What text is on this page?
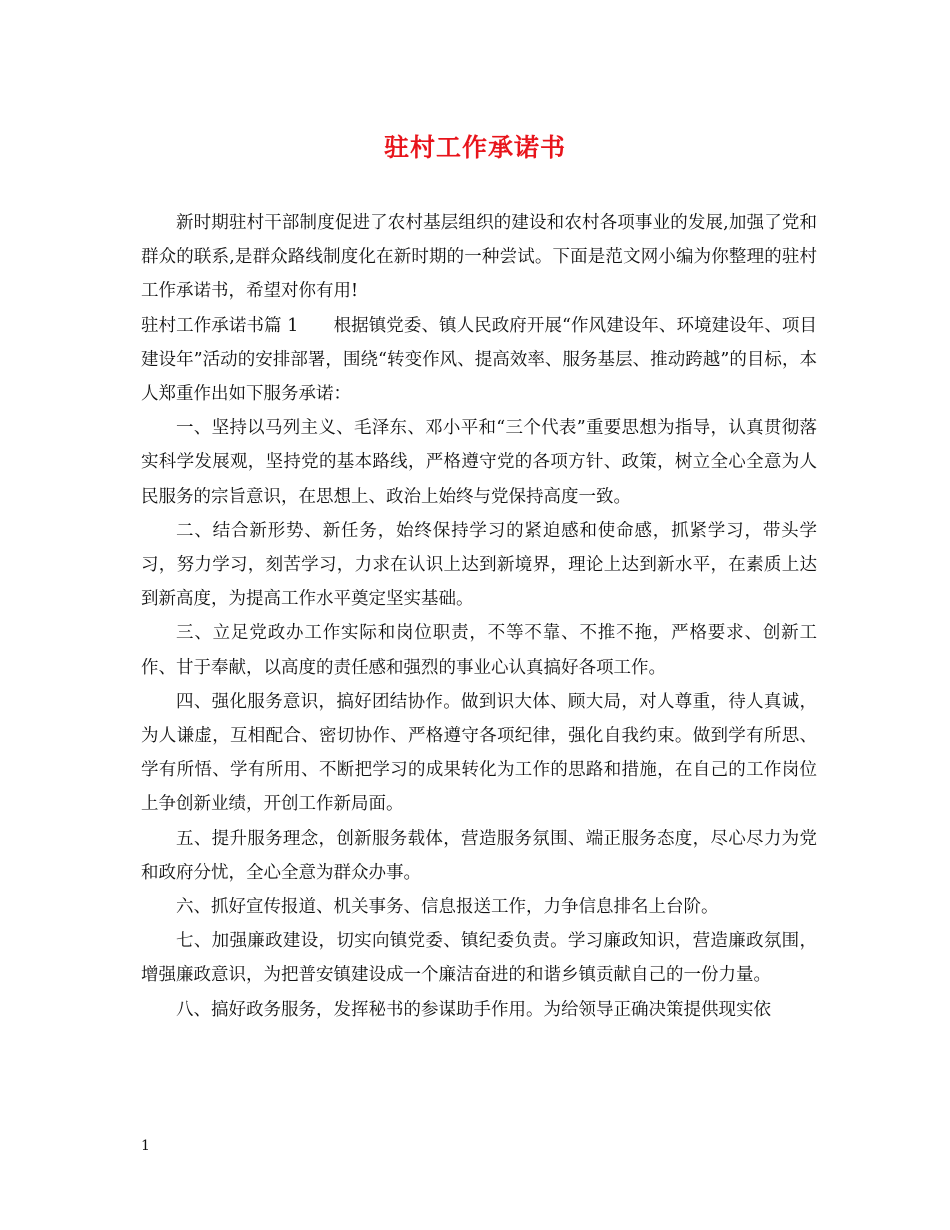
驻村工作承诺书

新时期驻村干部制度促进了农村基层组织的建设和农村各项事业的发展,加强了党和群众的联系,是群众路线制度化在新时期的一种尝试。下面是范文网小编为你整理的驻村工作承诺书，希望对你有用!

驻村工作承诺书篇 1　　根据镇党委、镇人民政府开展“作风建设年、环境建设年、项目建设年”活动的安排部署，围绕“转变作风、提高效率、服务基层、推动跨越”的目标，本人郑重作出如下服务承诺：

一、坚持以马列主义、毛泽东、邓小平和“三个代表”重要思想为指导，认真贯彻落实科学发展观，坚持党的基本路线，严格遵守党的各项方针、政策，树立全心全意为人民服务的宗旨意识，在思想上、政治上始终与党保持高度一致。

二、结合新形势、新任务，始终保持学习的紧迫感和使命感，抓紧学习，带头学习，努力学习，刻苦学习，力求在认识上达到新境界，理论上达到新水平，在素质上达到新高度，为提高工作水平奠定坚实基础。

三、立足党政办工作实际和岗位职责，不等不靠、不推不拖，严格要求、创新工作、甘于奉献，以高度的责任感和强烈的事业心认真搞好各项工作。

四、强化服务意识，搞好团结协作。做到识大体、顾大局，对人尊重，待人真诚，为人谦虚，互相配合、密切协作、严格遵守各项纪律，强化自我约束。做到学有所思、学有所悟、学有所用、不断把学习的成果转化为工作的思路和措施，在自己的工作岗位上争创新业绩，开创工作新局面。

五、提升服务理念，创新服务载体，营造服务氛围、端正服务态度，尽心尽力为党和政府分忧，全心全意为群众办事。

六、抓好宣传报道、机关事务、信息报送工作，力争信息排名上台阶。

七、加强廉政建设，切实向镇党委、镇纪委负责。学习廉政知识，营造廉政氛围，增强廉政意识，为把普安镇建设成一个廉洁奋进的和谐乡镇贡献自己的一份力量。

八、搞好政务服务，发挥秘书的参谋助手作用。为给领导正确决策提供现实依

1
